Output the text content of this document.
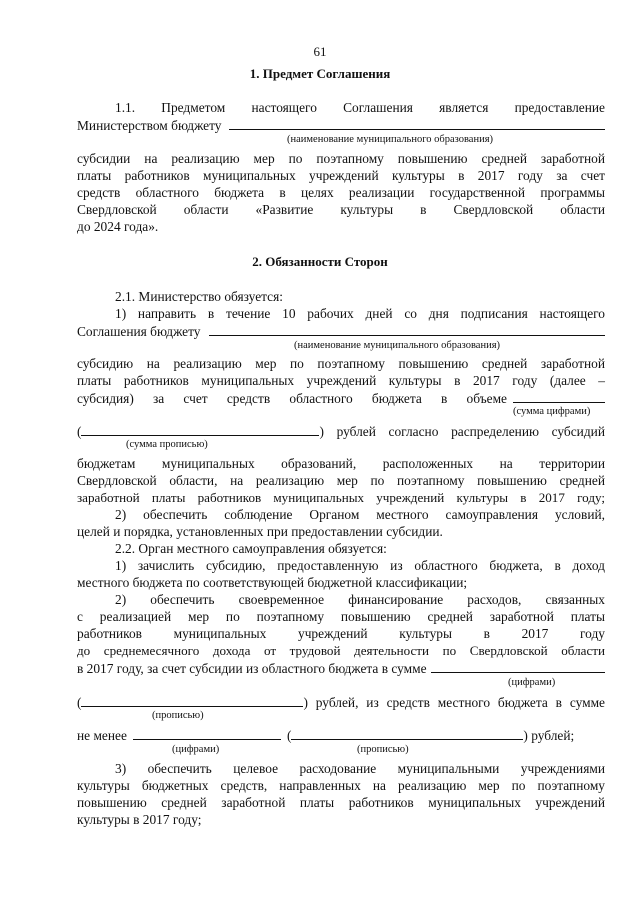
61
1. Предмет Соглашения
1.1. Предметом настоящего Соглашения является предоставление
Министерством бюджету
(наименование муниципального образования)
субсидии на реализацию мер по поэтапному повышению средней заработной
платы работников муниципальных учреждений культуры в 2017 году за счет
средств областного бюджета в целях реализации государственной программы
Свердловской области «Развитие культуры в Свердловской области
до 2024 года».
2. Обязанности Сторон
2.1. Министерство обязуется:
1) направить в течение 10 рабочих дней со дня подписания настоящего
Соглашения бюджету
(наименование муниципального образования)
субсидию на реализацию мер по поэтапному повышению средней заработной
платы работников муниципальных учреждений культуры в 2017 году (далее –
субсидия) за счет средств областного бюджета в объеме
(сумма цифрами)
(	) рублей согласно распределению субсидий
(сумма прописью)
бюджетам муниципальных образований, расположенных на территории
Свердловской области, на реализацию мер по поэтапному повышению средней
заработной платы работников муниципальных учреждений культуры в 2017 году;
2) обеспечить соблюдение Органом местного самоуправления условий,
целей и порядка, установленных при предоставлении субсидии.
2.2. Орган местного самоуправления обязуется:
1) зачислить субсидию, предоставленную из областного бюджета, в доход
местного бюджета по соответствующей бюджетной классификации;
2) обеспечить своевременное финансирование расходов, связанных
с реализацией мер по поэтапному повышению средней заработной платы
работников муниципальных учреждений культуры в 2017 году
до среднемесячного дохода от трудовой деятельности по Свердловской области
в 2017 году, за счет субсидии из областного бюджета в сумме
(цифрами)
(	) рублей, из средств местного бюджета в сумме
(прописью)
не менее	(	) рублей;
(цифрами)	(прописью)
3) обеспечить целевое расходование муниципальными учреждениями
культуры бюджетных средств, направленных на реализацию мер по поэтапному
повышению средней заработной платы работников муниципальных учреждений
культуры в 2017 году;
